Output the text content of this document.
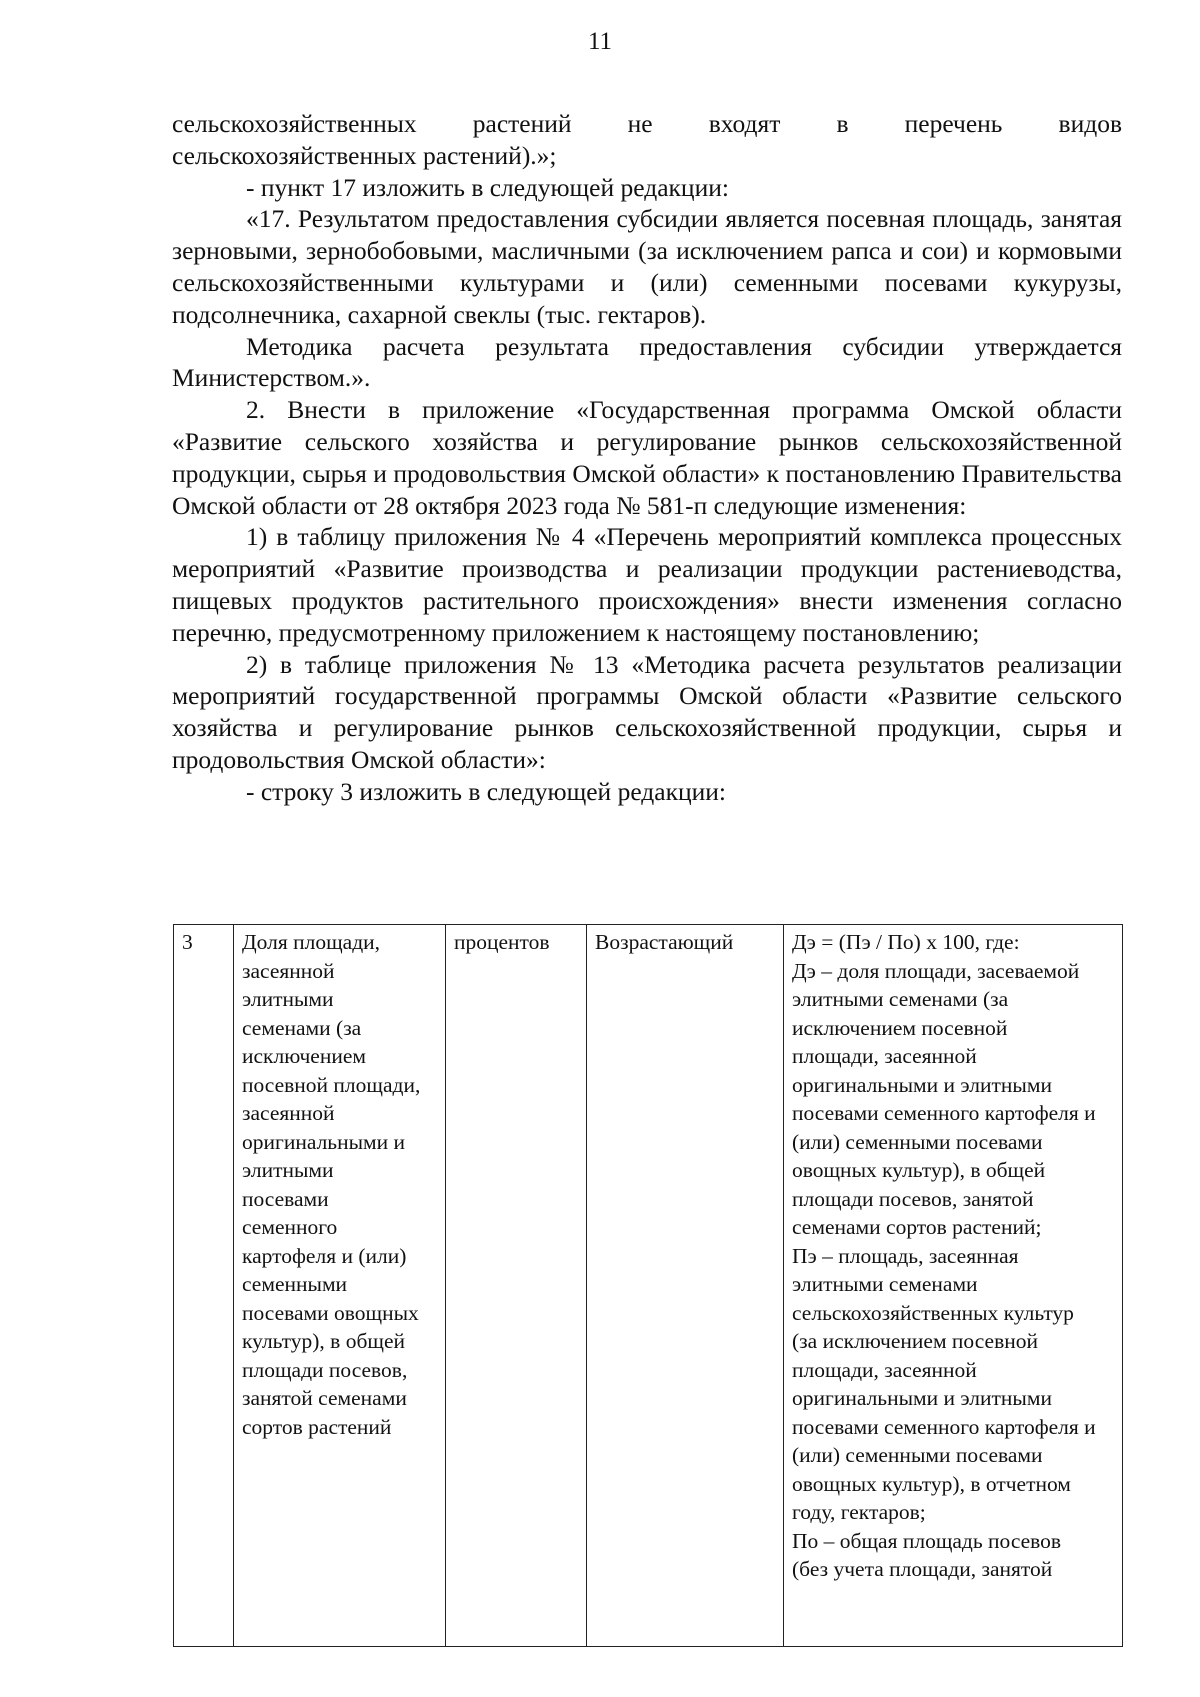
11

сельскохозяйственных растений не входят в перечень видов

сельскохозяйственных растений).»;

- пункт 17 изложить в следующей редакции:

«17. Результатом предоставления субсидии является посевная площадь, занятая зерновыми, зернобобовыми, масличными (за исключением рапса и сои) и кормовыми сельскохозяйственными культурами и (или) семенными посевами кукурузы, подсолнечника, сахарной свеклы (тыс. гектаров).

Методика расчета результата предоставления субсидии утверждается Министерством.».

2. Внести в приложение «Государственная программа Омской области «Развитие сельского хозяйства и регулирование рынков сельскохозяйственной продукции, сырья и продовольствия Омской области» к постановлению Правительства Омской области от 28 октября 2023 года № 581-п следующие изменения:

1) в таблицу приложения № 4 «Перечень мероприятий комплекса процессных мероприятий «Развитие производства и реализации продукции растениеводства, пищевых продуктов растительного происхождения» внести изменения согласно перечню, предусмотренному приложением к настоящему постановлению;

2) в таблице приложения № 13 «Методика расчета результатов реализации мероприятий государственной программы Омской области «Развитие сельского хозяйства и регулирование рынков сельскохозяйственной продукции, сырья и продовольствия Омской области»:

- строку 3 изложить в следующей редакции:

3	Доля площади,
засеянной
элитными
семенами (за
исключением
посевной площади,
засеянной
оригинальными и
элитными
посевами
семенного
картофеля и (или)
семенными
посевами овощных
культур), в общей
площади посевов,
занятой семенами
сортов растений
	процентов	Возрастающий	Дэ = (Пэ / По) x 100, где:
Дэ – доля площади, засеваемой
элитными семенами (за
исключением посевной
площади, засеянной
оригинальными и элитными
посевами семенного картофеля и
(или) семенными посевами
овощных культур), в общей
площади посевов, занятой
семенами сортов растений;
Пэ – площадь, засеянная
элитными семенами
сельскохозяйственных культур
(за исключением посевной
площади, засеянной
оригинальными и элитными
посевами семенного картофеля и
(или) семенными посевами
овощных культур), в отчетном
году, гектаров;
По – общая площадь посевов
(без учета площади, занятой
